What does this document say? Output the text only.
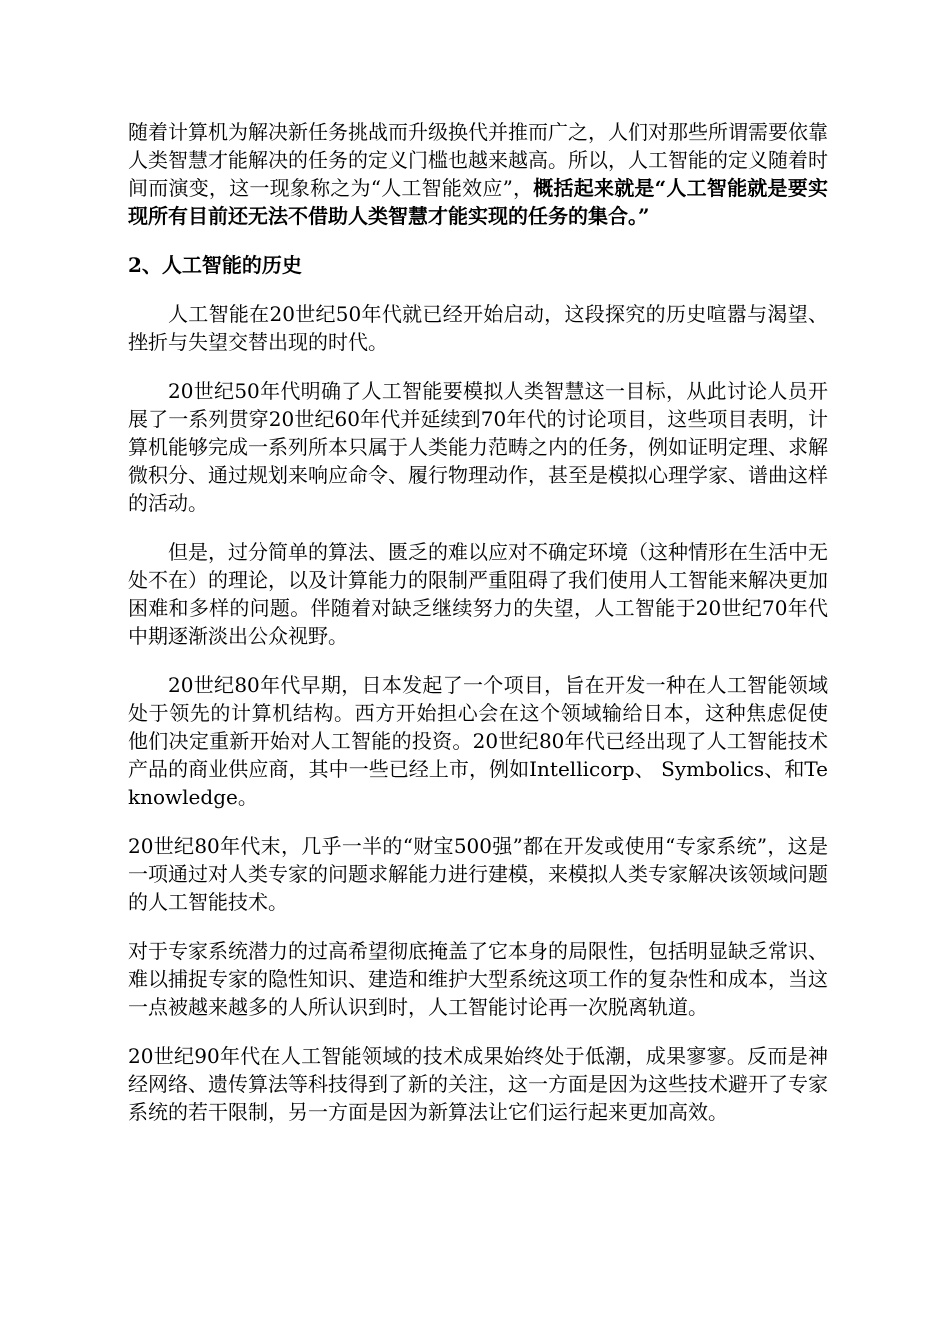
随着计算机为解决新任务挑战而升级换代并推而广之，人们对那些所谓需要依靠人类智慧才能解决的任务的定义门槛也越来越高。所以，人工智能的定义随着时间而演变，这一现象称之为“人工智能效应”，概括起来就是“人工智能就是要实现所有目前还无法不借助人类智慧才能实现的任务的集合。”

2、人工智能的历史

人工智能在20世纪50年代就已经开始启动，这段探究的历史喧嚣与渴望、挫折与失望交替出现的时代。

20世纪50年代明确了人工智能要模拟人类智慧这一目标，从此讨论人员开展了一系列贯穿20世纪60年代并延续到70年代的讨论项目，这些项目表明，计算机能够完成一系列所本只属于人类能力范畴之内的任务，例如证明定理、求解微积分、通过规划来响应命令、履行物理动作，甚至是模拟心理学家、谱曲这样的活动。

但是，过分简单的算法、匮乏的难以应对不确定环境（这种情形在生活中无处不在）的理论，以及计算能力的限制严重阻碍了我们使用人工智能来解决更加困难和多样的问题。伴随着对缺乏继续努力的失望，人工智能于20世纪70年代中期逐渐淡出公众视野。

20世纪80年代早期，日本发起了一个项目，旨在开发一种在人工智能领域处于领先的计算机结构。西方开始担心会在这个领域输给日本，这种焦虑促使 他们决定重新开始对人工智能的投资。20世纪80年代已经出现了人工智能技术产品的商业供应商，其中一些已经上市，例如Intellicorp、 Symbolics、和Teknowledge。

20世纪80年代末，几乎一半的“财宝500强”都在开发或使用“专家系统”，这是一项通过对人类专家的问题求解能力进行建模，来模拟人类专家解决该领域问题的人工智能技术。

对于专家系统潜力的过高希望彻底掩盖了它本身的局限性，包括明显缺乏常识、难以捕捉专家的隐性知识、建造和维护大型系统这项工作的复杂性和成本，当这一点被越来越多的人所认识到时，人工智能讨论再一次脱离轨道。

20世纪90年代在人工智能领域的技术成果始终处于低潮，成果寥寥。反而是神经网络、遗传算法等科技得到了新的关注，这一方面是因为这些技术避开了专家系统的若干限制，另一方面是因为新算法让它们运行起来更加高效。
